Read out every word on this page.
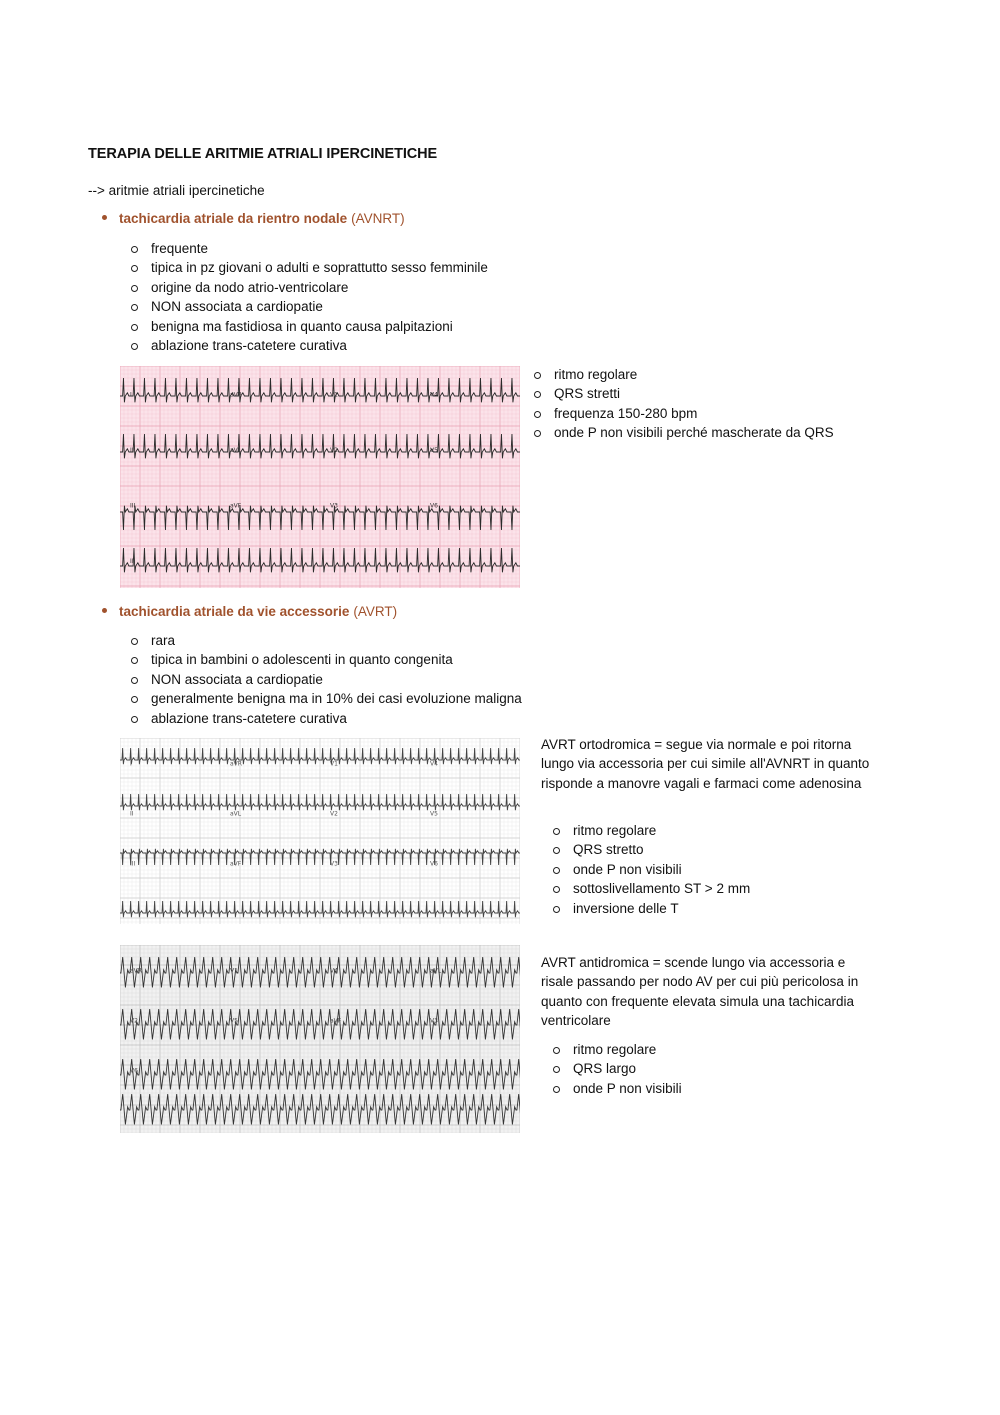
TERAPIA DELLE ARITMIE ATRIALI IPERCINETICHE
--> aritmie atriali ipercinetiche
tachicardia atriale da rientro nodale (AVNRT)
frequente
tipica in pz giovani o adulti e soprattutto sesso femminile
origine da nodo atrio-ventricolare
NON associata a cardiopatie
benigna ma fastidiosa in quanto causa palpitazioni
ablazione trans-catetere curativa
I	aVR	V1	V4
II	aVL	V2	V5
III	aVF	V3	V6
II
ritmo regolare
QRS stretti
frequenza 150-280 bpm
onde P non visibili perché mascherate da QRS
tachicardia atriale da vie accessorie (AVRT)
rara
tipica in bambini o adolescenti in quanto congenita
NON associata a cardiopatie
generalmente benigna ma in 10% dei casi evoluzione maligna
ablazione trans-catetere curativa
I	aVR	V1	V4
II	aVL	V2	V5
III	aVF	V3	V6
AVRT ortodromica = segue via normale e poi ritorna lungo via accessoria per cui simile all'AVNRT in quanto risponde a manovre vagali e farmaci come adenosina
ritmo regolare
QRS stretto
onde P non visibili
sottoslivellamento ST > 2 mm
inversione delle T
aVR	V1	V4	aVL
V2	V5	aVF	V3
V6
AVRT antidromica = scende lungo via accessoria e risale passando per nodo AV per cui più pericolosa in quanto con frequente elevata simula una tachicardia ventricolare
ritmo regolare
QRS largo
onde P non visibili
